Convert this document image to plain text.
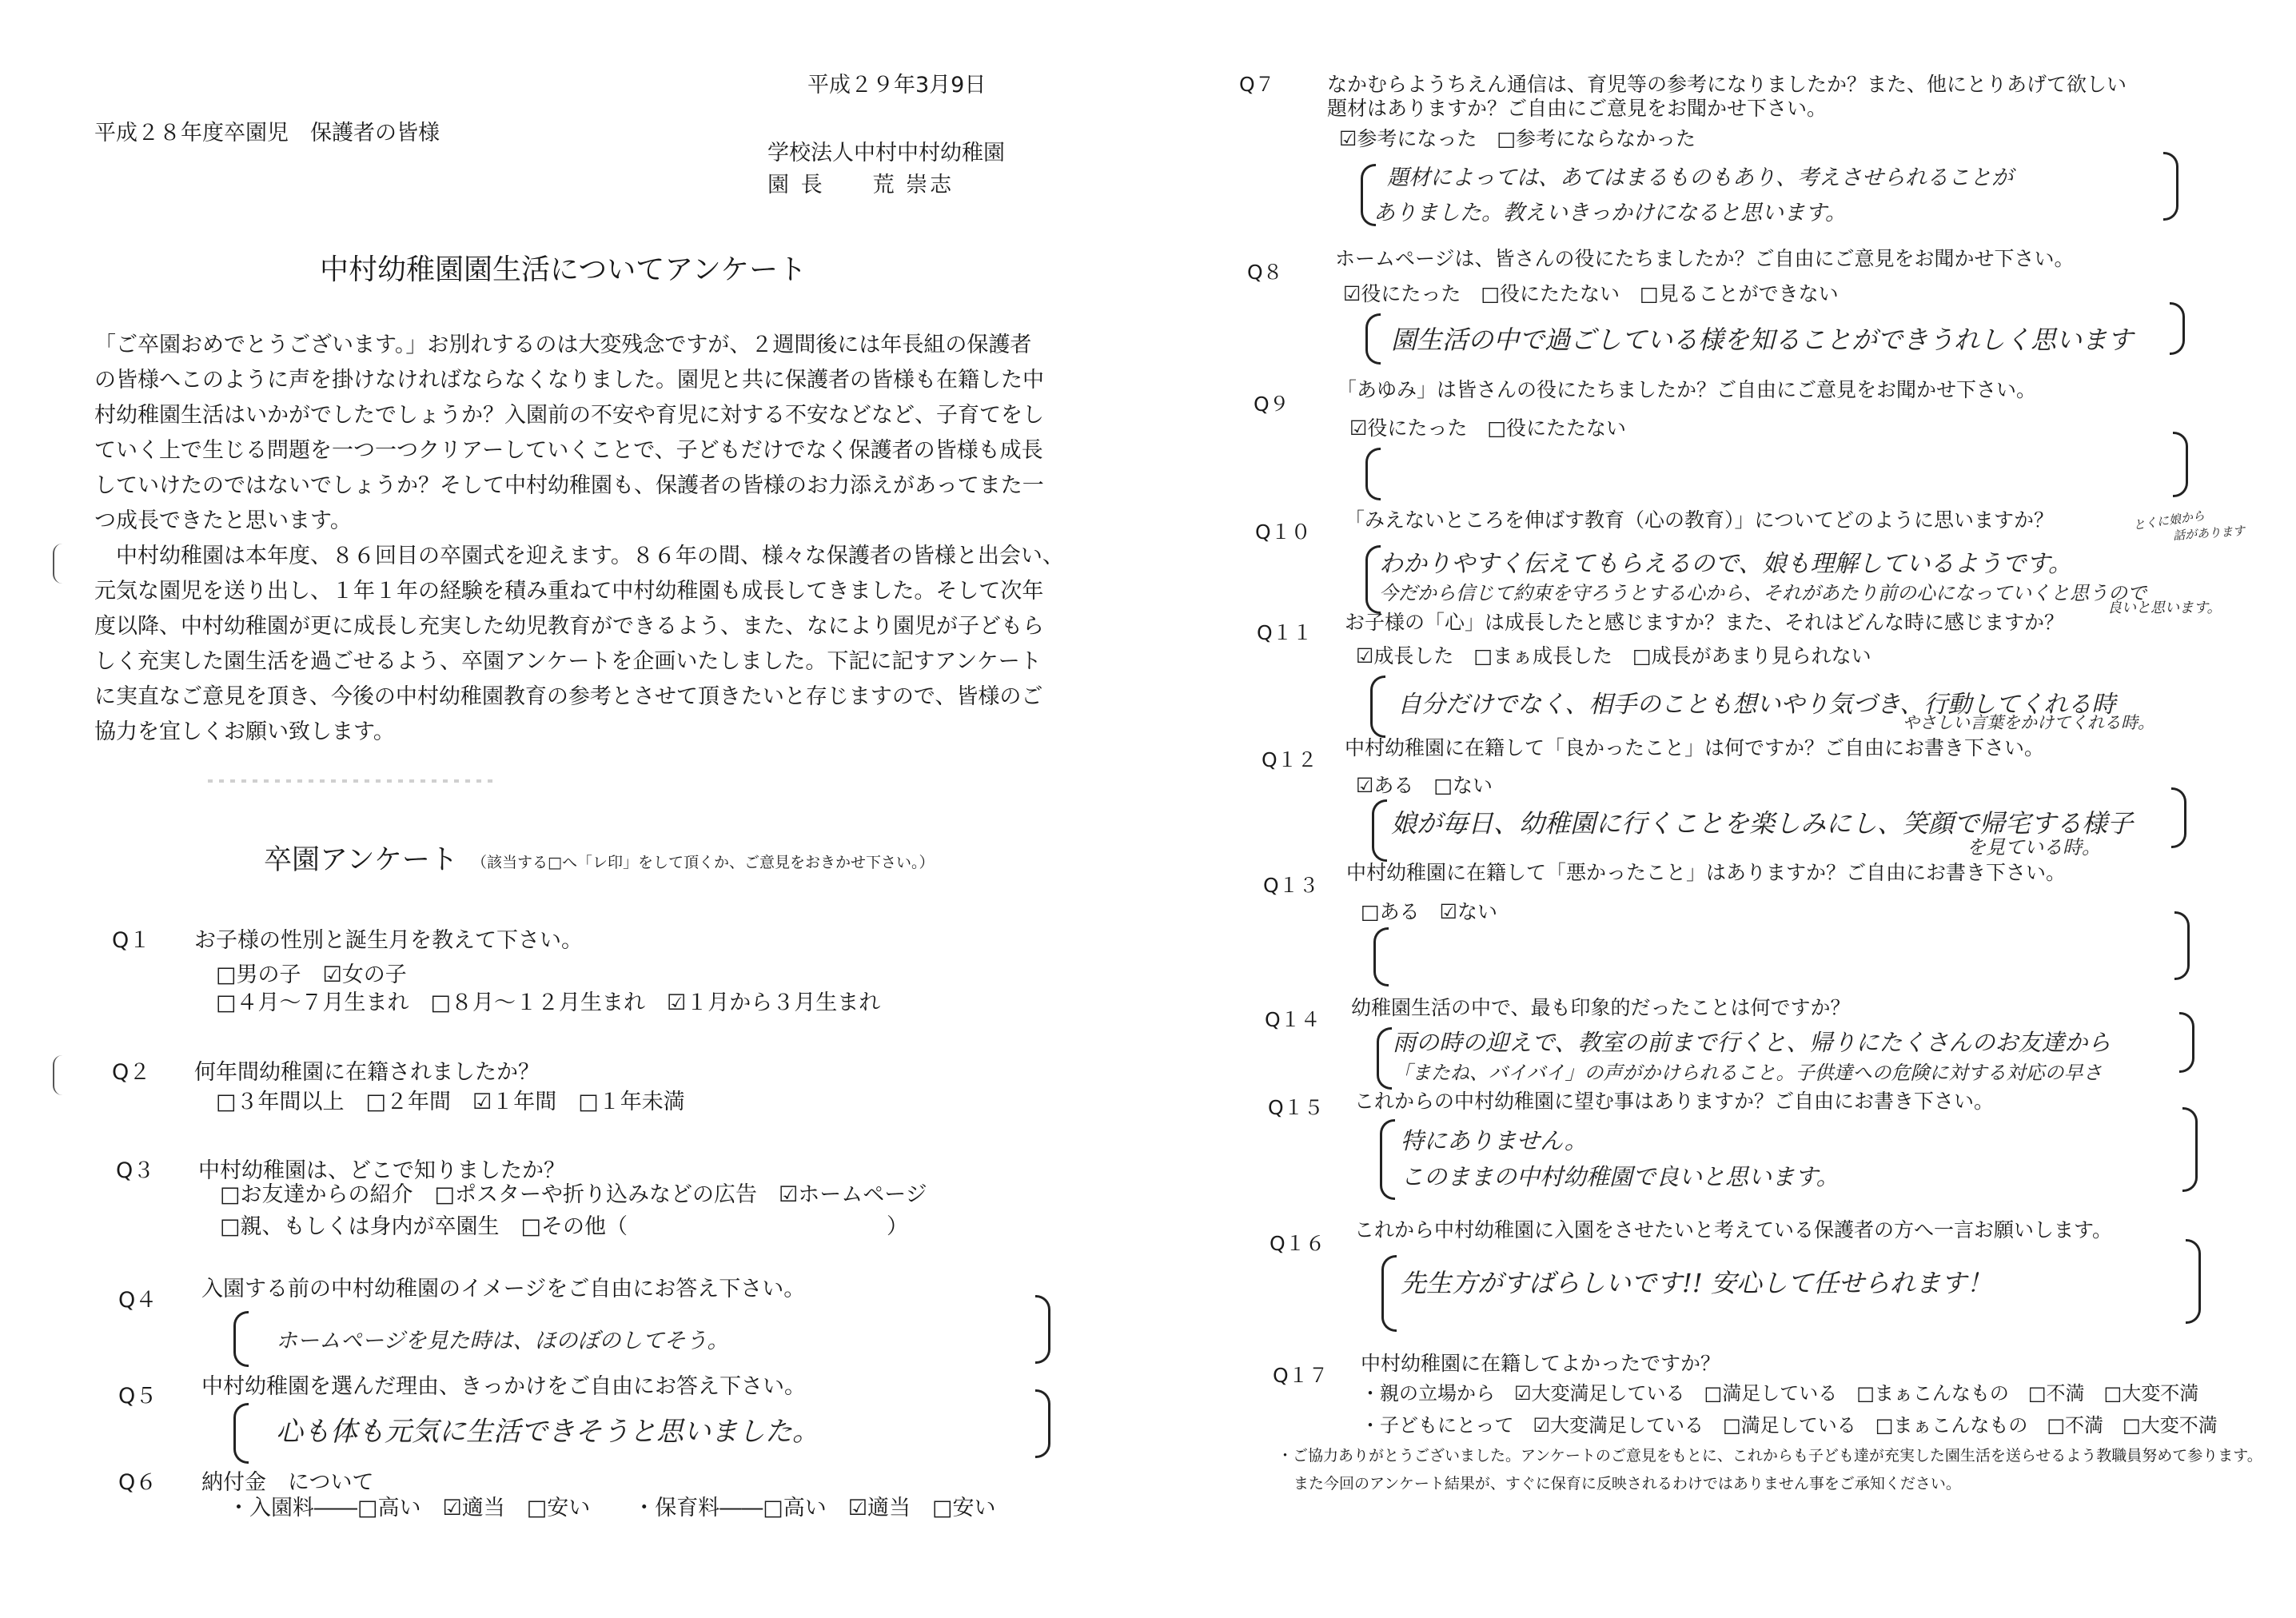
平成２９年3月9日
平成２８年度卒園児　保護者の皆様
学校法人中村中村幼稚園
園 長　　荒 崇志
中村幼稚園園生活についてアンケート
「ご卒園おめでとうございます。」お別れするのは大変残念ですが、２週間後には年長組の保護者
の皆様へこのように声を掛けなければならなくなりました。園児と共に保護者の皆様も在籍した中
村幼稚園生活はいかがでしたでしょうか？入園前の不安や育児に対する不安などなど、子育てをし
ていく上で生じる問題を一つ一つクリアーしていくことで、子どもだけでなく保護者の皆様も成長
していけたのではないでしょうか？そして中村幼稚園も、保護者の皆様のお力添えがあってまた一
つ成長できたと思います。
　中村幼稚園は本年度、８６回目の卒園式を迎えます。８６年の間、様々な保護者の皆様と出会い、
元気な園児を送り出し、１年１年の経験を積み重ねて中村幼稚園も成長してきました。そして次年
度以降、中村幼稚園が更に成長し充実した幼児教育ができるよう、また、なにより園児が子どもら
しく充実した園生活を過ごせるよう、卒園アンケートを企画いたしました。下記に記すアンケート
に実直なご意見を頂き、今後の中村幼稚園教育の参考とさせて頂きたいと存じますので、皆様のご
協力を宜しくお願い致します。
卒園アンケート （該当する□へ「レ印」をして頂くか、ご意見をおきかせ下さい。）
Q１ お子様の性別と誕生月を教えて下さい。
□男の子　☑女の子
□４月～７月生まれ　□８月～１２月生まれ　☑１月から３月生まれ
Q２ 何年間幼稚園に在籍されましたか？
□３年間以上　□２年間　☑１年間　□１年未満
Q３ 中村幼稚園は、どこで知りましたか？
□お友達からの紹介　□ポスターや折り込みなどの広告　☑ホームページ
□親、もしくは身内が卒園生　□その他（　　　　　　　　　　　　）
Q４ 入園する前の中村幼稚園のイメージをご自由にお答え下さい。
ホームページを見た時は、ほのぼのしてそう。
Q５ 中村幼稚園を選んだ理由、きっかけをご自由にお答え下さい。
心も体も元気に生活できそうと思いました。
Q６ 納付金　について
・入園料――□高い　☑適当　□安い　　・保育料――□高い　☑適当　□安い
Q７	なかむらようちえん通信は、育児等の参考になりましたか？また、他にとりあげて欲しい
題材はありますか？ご自由にご意見をお聞かせ下さい。
☑参考になった　□参考にならなかった
題材によっては、あてはまるものもあり、考えさせられることが
ありました。教えいきっかけになると思います。
Q８
ホームページは、皆さんの役にたちましたか？ご自由にご意見をお聞かせ下さい。
☑役にたった　□役にたたない　□見ることができない
園生活の中で過ごしている様を知ることができうれしく思います
Q９
「あゆみ」は皆さんの役にたちましたか？ご自由にご意見をお聞かせ下さい。
☑役にたった　□役にたたない
Q１０
「みえないところを伸ばす教育（心の教育）」についてどのように思いますか？
わかりやすく伝えてもらえるので、娘も理解しているようです。
今だから信じて約束を守ろうとする心から、それがあたり前の心になっていくと思うので
とくに娘から
話があります
良いと思います。
Q１１ お子様の「心」は成長したと感じますか？また、それはどんな時に感じますか？
☑成長した　□まぁ成長した　□成長があまり見られない
自分だけでなく、相手のことも想いやり気づき、行動してくれる時
やさしい言葉をかけてくれる時。
Q１２
中村幼稚園に在籍して「良かったこと」は何ですか？ご自由にお書き下さい。
☑ある　□ない
娘が毎日、幼稚園に行くことを楽しみにし、笑顔で帰宅する様子
を見ている時。
Q１３
中村幼稚園に在籍して「悪かったこと」はありますか？ご自由にお書き下さい。
□ある　☑ない
Q１４
幼稚園生活の中で、最も印象的だったことは何ですか？
雨の時の迎えで、教室の前まで行くと、帰りにたくさんのお友達から
「またね、バイバイ」の声がかけられること。子供達への危険に対する対応の早さ
Q１５ これからの中村幼稚園に望む事はありますか？ご自由にお書き下さい。
特にありません。
このままの中村幼稚園で良いと思います。
Q１６
これから中村幼稚園に入園をさせたいと考えている保護者の方へ一言お願いします。
先生方がすばらしいです!! 安心して任せられます！
Q１７
中村幼稚園に在籍してよかったですか？
・親の立場から　☑大変満足している　□満足している　□まぁこんなもの　□不満　□大変不満
・子どもにとって　☑大変満足している　□満足している　□まぁこんなもの　□不満　□大変不満
・ご協力ありがとうございました。アンケートのご意見をもとに、これからも子ども達が充実した園生活を送らせるよう教職員努めて参ります。
また今回のアンケート結果が、すぐに保育に反映されるわけではありません事をご承知ください。
